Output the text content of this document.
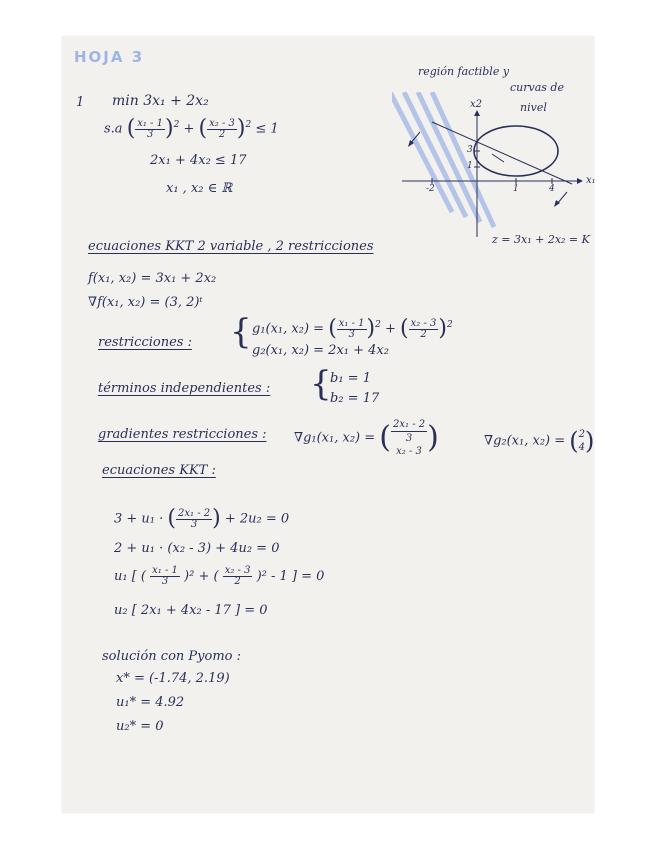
HOJA 3
1 min 3x₁ + 2x₂
s.a ( $\frac{\text{x₁ - 1}}{3} )^2$ + ( $\frac{\text{x₂ - 3}}{2} )^2 \le 1$
2x₁ + 4x₂ ≤ 17
x₁ , x₂ ∈ ℝ
región factible y
curvas de
nivel
x2
x₁
-2	1	4
3
1
z = 3x₁ + 2x₂ = K
ecuaciones KKT 2 variable , 2 restricciones
f(x₁, x₂) = 3x₁ + 2x₂
∇f(x₁, x₂) = (3, 2)ᵗ
restricciones : { g₁(x₁, x₂) = ( $\frac{\text{x₁ - 1}}{3} )^2$ + ( $\frac{\text{x₂ - 3}}{2} )^2$
g₂(x₁, x₂) = 2x₁ + 4x₂
términos independientes : {
b₁ = 1
b₂ = 17
gradientes restricciones : ∇g₁(x₁, x₂) = ( $\frac{\text{2x₁ - 2}}{3}$

x₂ - 3 )	∇g₂(x₁, x₂) = (2
4)
ecuaciones KKT :
3 + u₁ · ( $\frac{\text{2x₁ - 2}}{3}$ ) + 2u₂ = 0
2 + u₁ · (x₂ - 3) + 4u₂ = 0
u₁ [ ( $\frac{\text{x₁ - 1}}{3} )^2$ + ( $\frac{\text{x₂ - 3}}{2} )^2 - 1$ ] = 0
u₂ [ 2x₁ + 4x₂ - 17 ] = 0
solución con Pyomo :
x* = (-1.74, 2.19)
u₁* = 4.92
u₂* = 0
